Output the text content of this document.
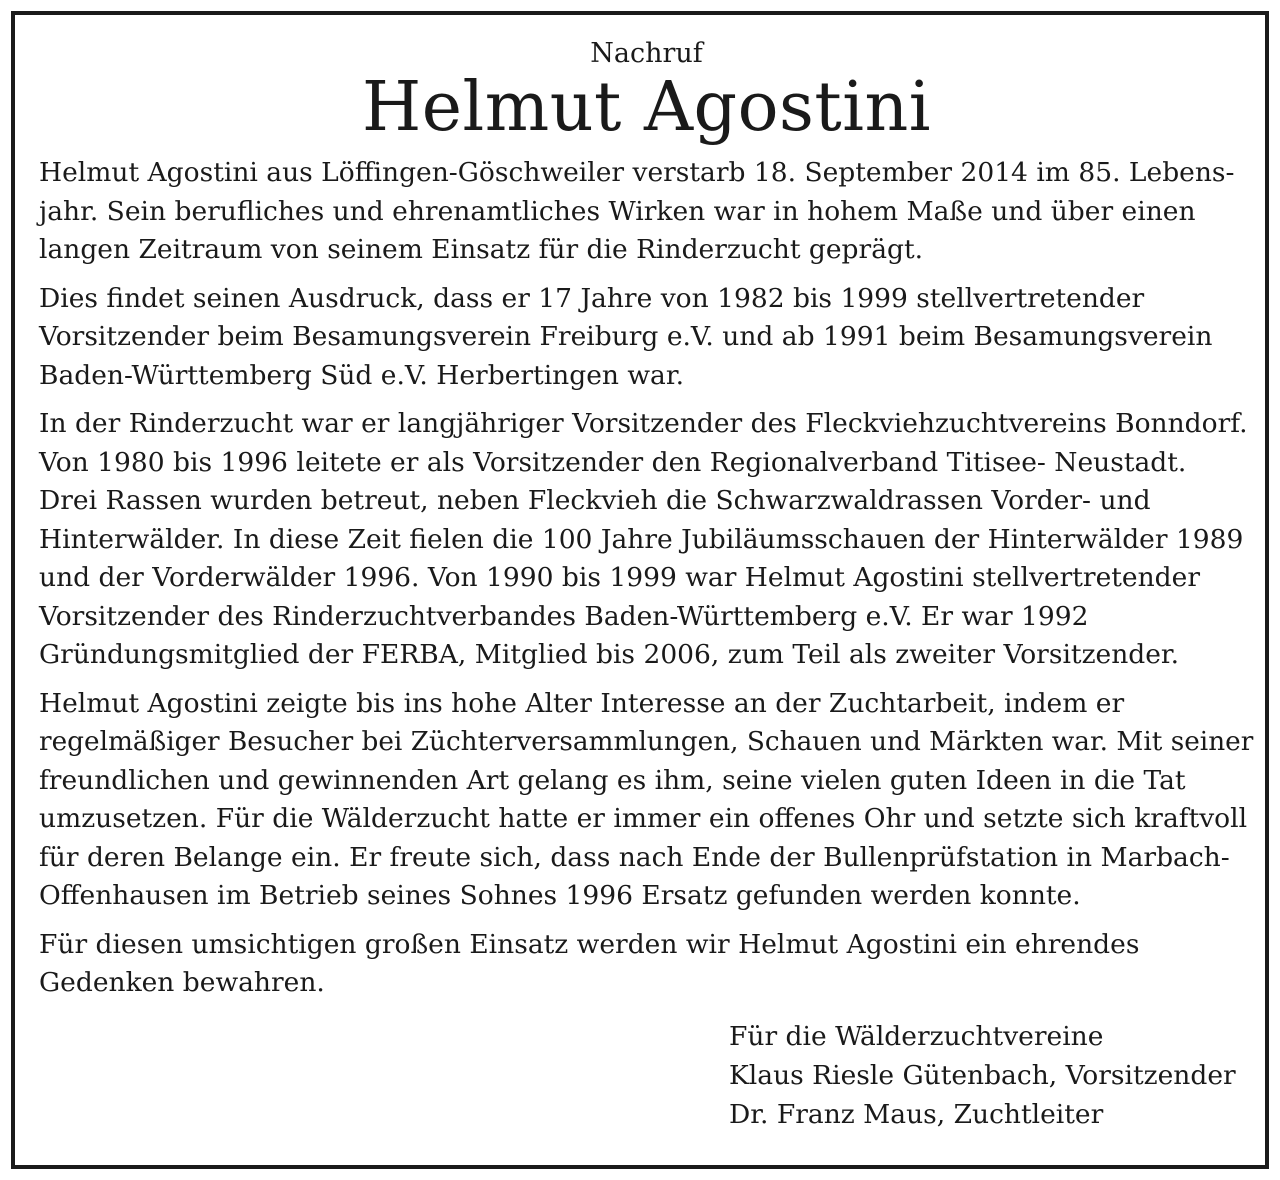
Nachruf

Helmut Agostini
Helmut Agostini aus Löffingen-Göschweiler verstarb 18. September 2014 im 85. Lebens-
jahr. Sein berufliches und ehrenamtliches Wirken war in hohem Maße und über einen
langen Zeitraum von seinem Einsatz für die Rinderzucht geprägt.
Dies findet seinen Ausdruck, dass er 17 Jahre von 1982 bis 1999 stellvertretender
Vorsitzender beim Besamungsverein Freiburg e.V. und ab 1991 beim Besamungsverein
Baden-Württemberg Süd e.V. Herbertingen war.
In der Rinderzucht war er langjähriger Vorsitzender des Fleckviehzuchtvereins Bonndorf.
Von 1980 bis 1996 leitete er als Vorsitzender den Regionalverband Titisee- Neustadt.
Drei Rassen wurden betreut, neben Fleckvieh die Schwarzwaldrassen Vorder- und
Hinterwälder. In diese Zeit fielen die 100 Jahre Jubiläumsschauen der Hinterwälder 1989
und der Vorderwälder 1996. Von 1990 bis 1999 war Helmut Agostini stellvertretender
Vorsitzender des Rinderzuchtverbandes Baden-Württemberg e.V. Er war 1992
Gründungsmitglied der FERBA, Mitglied bis 2006, zum Teil als zweiter Vorsitzender.
Helmut Agostini zeigte bis ins hohe Alter Interesse an der Zuchtarbeit, indem er
regelmäßiger Besucher bei Züchterversammlungen, Schauen und Märkten war. Mit seiner
freundlichen und gewinnenden Art gelang es ihm, seine vielen guten Ideen in die Tat
umzusetzen. Für die Wälderzucht hatte er immer ein offenes Ohr und setzte sich kraftvoll
für deren Belange ein. Er freute sich, dass nach Ende der Bullenprüfstation in Marbach-
Offenhausen im Betrieb seines Sohnes 1996 Ersatz gefunden werden konnte.
Für diesen umsichtigen großen Einsatz werden wir Helmut Agostini ein ehrendes
Gedenken bewahren.
Für die Wälderzuchtvereine
Klaus Riesle Gütenbach, Vorsitzender
Dr. Franz Maus, Zuchtleiter
